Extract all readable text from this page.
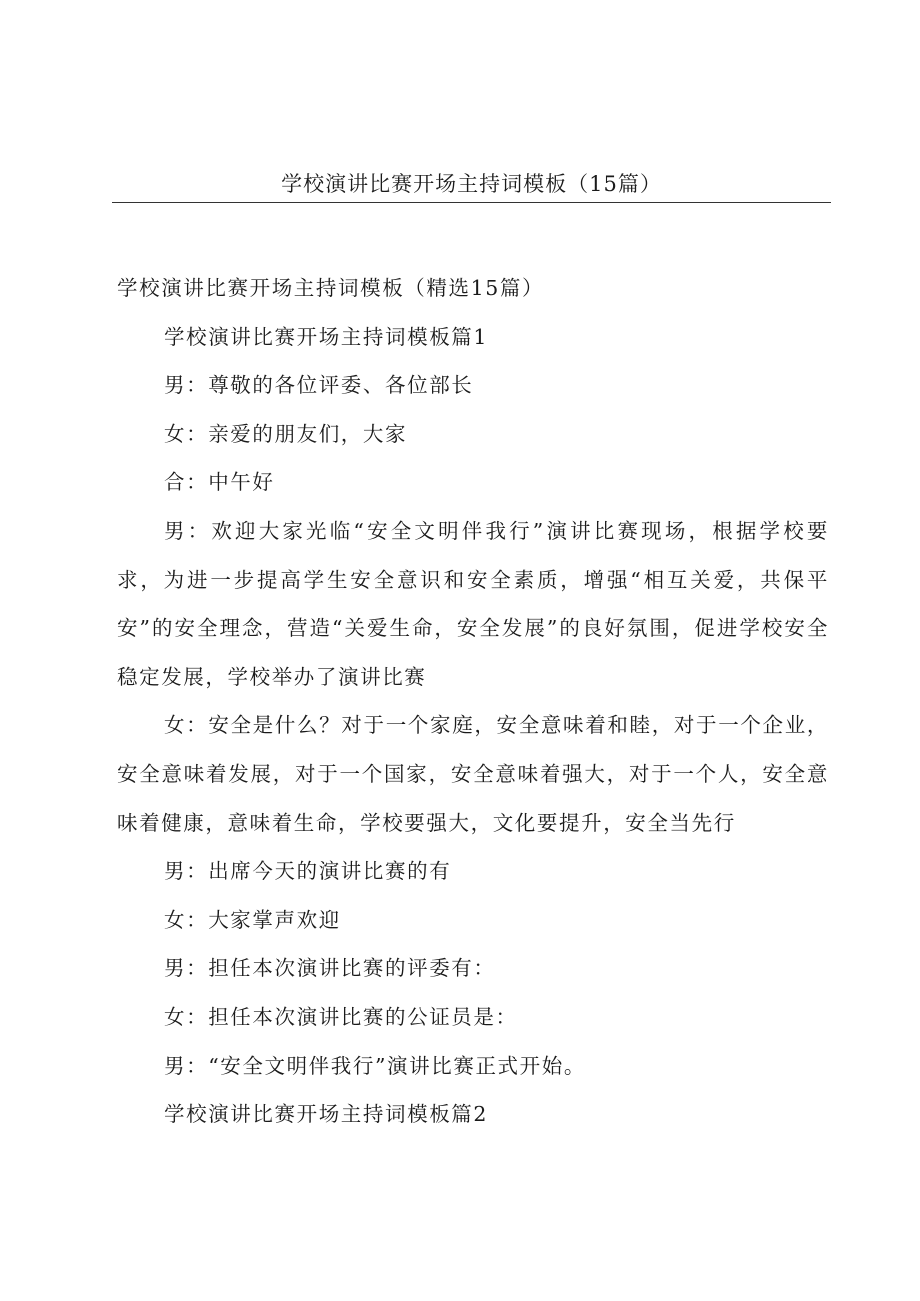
学校演讲比赛开场主持词模板（15篇）

学校演讲比赛开场主持词模板（精选15篇）

学校演讲比赛开场主持词模板篇1

男：尊敬的各位评委、各位部长

女：亲爱的朋友们，大家

合：中午好

男：欢迎大家光临“安全文明伴我行”演讲比赛现场，根据学校要求，为进一步提高学生安全意识和安全素质，增强“相互关爱，共保平安”的安全理念，营造“关爱生命，安全发展”的良好氛围，促进学校安全稳定发展，学校举办了演讲比赛

女：安全是什么？对于一个家庭，安全意味着和睦，对于一个企业，安全意味着发展，对于一个国家，安全意味着强大，对于一个人，安全意味着健康，意味着生命，学校要强大，文化要提升，安全当先行

男：出席今天的演讲比赛的有

女：大家掌声欢迎

男：担任本次演讲比赛的评委有：

女：担任本次演讲比赛的公证员是：

男：“安全文明伴我行”演讲比赛正式开始。

学校演讲比赛开场主持词模板篇2
